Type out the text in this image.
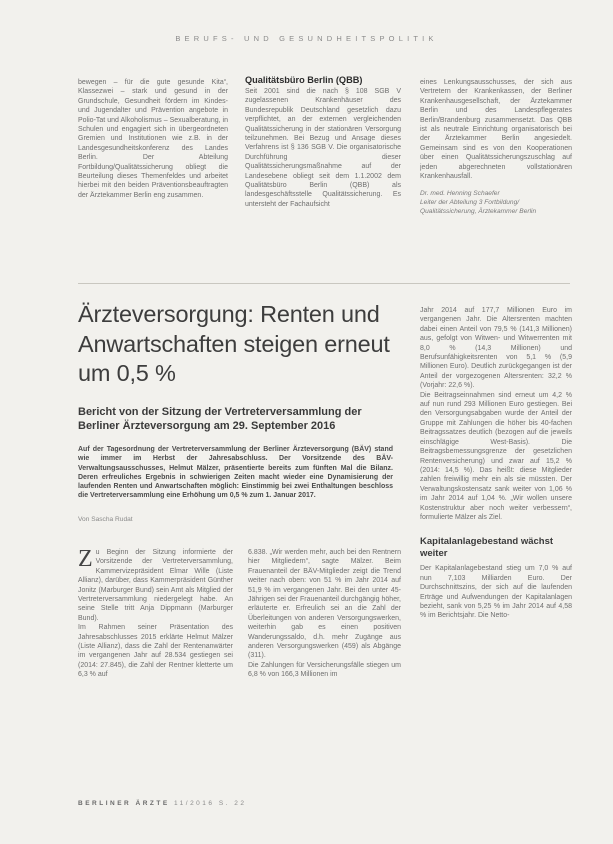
BERUFS- UND GESUNDHEITSPOLITIK

bewegen – für die gute gesunde Kita“, Klassezwei – stark und gesund in der Grundschule, Gesundheit fördern im Kindes- und Jugendalter und Prävention angebote in Polio-Tat und Alkoholismus – Sexualberatung, in Schulen und engagiert sich in übergeordneten Gremien und Institutionen wie z.B. in der Landesgesundheitskonferenz des Landes Berlin. Der Abteilung Fortbildung/Qualitätssicherung obliegt die Beurteilung dieses Themenfeldes und arbeitet hierbei mit den beiden Präventionsbeauftragten der Ärztekammer Berlin eng zusammen.

Qualitätsbüro Berlin (QBB)

Seit 2001 sind die nach § 108 SGB V zugelassenen Krankenhäuser des Bundesrepublik Deutschland gesetzlich dazu verpflichtet, an der externen vergleichenden Qualitätssicherung in der stationären Versorgung teilzunehmen. Bei Bezug und Ansage dieses Verfahrens ist § 136 SGB V. Die organisatorische Durchführung dieser Qualitätssicherungsmaßnahme auf der Landesebene obliegt seit dem 1.1.2002 dem Qualitätsbüro Berlin (QBB) als landesgeschäftsstelle Qualitätssicherung. Es untersteht der Fachaufsicht

eines Lenkungsausschusses, der sich aus Vertretern der Krankenkassen, der Berliner Krankenhausgesellschaft, der Ärztekammer Berlin und des Landespflegerates Berlin/Brandenburg zusammensetzt. Das QBB ist als neutrale Einrichtung organisatorisch bei der Ärztekammer Berlin angesiedelt. Gemeinsam sind es von den Kooperationen über einen Qualitätssicherungszuschlag auf jeden abgerechneten vollstationären Krankenhausfall.

Dr. med. Henning Schaefer
Leiter der Abteilung 3 Fortbildung/
Qualitätssicherung, Ärztekammer Berlin
Ärzteversorgung: Renten und Anwartschaften steigen erneut um 0,5 %
Bericht von der Sitzung der Vertreterversammlung der Berliner Ärzteversorgung am 29. September 2016
Auf der Tagesordnung der Vertreterversammlung der Berliner Ärzteversorgung (BÄV) stand wie immer im Herbst der Jahresabschluss. Der Vorsitzende des BÄV-Verwaltungsausschusses, Helmut Mälzer, präsentierte bereits zum fünften Mal die Bilanz. Deren erfreuliches Ergebnis in schwierigen Zeiten macht wieder eine Dynamisierung der laufenden Renten und Anwartschaften möglich: Einstimmig bei zwei Enthaltungen beschloss die Vertreterversammlung eine Erhöhung um 0,5 % zum 1. Januar 2017.
Von Sascha Rudat

Zu Beginn der Sitzung informierte der Vorsitzende der Vertreterversammlung, Kammervizepräsident Elmar Wille (Liste Allianz), darüber, dass Kammerpräsident Günther Jonitz (Marburger Bund) sein Amt als Mitglied der Vertreterversammlung niedergelegt habe. An seine Stelle tritt Anja Dippmann (Marburger Bund).
Im Rahmen seiner Präsentation des Jahresabschlusses 2015 erklärte Helmut Mälzer (Liste Allianz), dass die Zahl der Rentenanwärter im vergangenen Jahr auf 28.534 gestiegen sei (2014: 27.845), die Zahl der Rentner kletterte um 6,3 % auf

6.838. „Wir werden mehr, auch bei den Rentnern hier Mitgliedern“, sagte Mälzer. Beim Frauenanteil der BÄV-Mitglieder zeigt die Trend weiter nach oben: von 51 % im Jahr 2014 auf 51,9 % im vergangenen Jahr. Bei den unter 45-Jährigen sei der Frauenanteil durchgängig höher, erläuterte er. Erfreulich sei an die Zahl der Überleitungen von anderen Versorgungswerken, weiterhin gab es einen positiven Wanderungssaldo, d.h. mehr Zugänge aus anderen Versorgungswerken (459) als Abgänge (311).
Die Zahlungen für Versicherungsfälle stiegen um 6,8 % von 166,3 Millionen im

Jahr 2014 auf 177,7 Millionen Euro im vergangenen Jahr. Die Altersrenten machten dabei einen Anteil von 79,5 % (141,3 Millionen) aus, gefolgt von Witwen- und Witwerrenten mit 8,0 % (14,3 Millionen) und Berufsunfähigkeitsrenten von 5,1 % (5,9 Millionen Euro). Deutlich zurückgegangen ist der Anteil der vorgezogenen Altersrenten: 32,2 % (Vorjahr: 22,6 %).
Die Beitragseinnahmen sind erneut um 4,2 % auf nun rund 293 Millionen Euro gestiegen. Bei den Versorgungsabgaben wurde der Anteil der Gruppe mit Zahlungen die höher bis 40-fachen Beitragssatzes deutlich (bezogen auf die jeweils einschlägige West-Basis). Die Beitragsbemessungsgrenze der gesetzlichen Rentenversicherung) und zwar auf 15,2 % (2014: 14,5 %). Das heißt: diese Mitglieder zahlen freiwillig mehr ein als sie müssten. Der Verwaltungskostensatz sank weiter von 1,06 % im Jahr 2014 auf 1,04 %. „Wir wollen unsere Kostenstruktur aber noch weiter verbessern“, formulierte Mälzer als Ziel.

Kapitalanlagebestand wächst weiter

Der Kapitalanlagebestand stieg um 7,0 % auf nun 7,103 Milliarden Euro. Der Durchschnittszins, der sich auf die laufenden Erträge und Aufwendungen der Kapitalanlagen bezieht, sank von 5,25 % im Jahr 2014 auf 4,58 % im Berichtsjahr. Die Netto-

BERLINER ÄRZTE 11/2016 S. 22
